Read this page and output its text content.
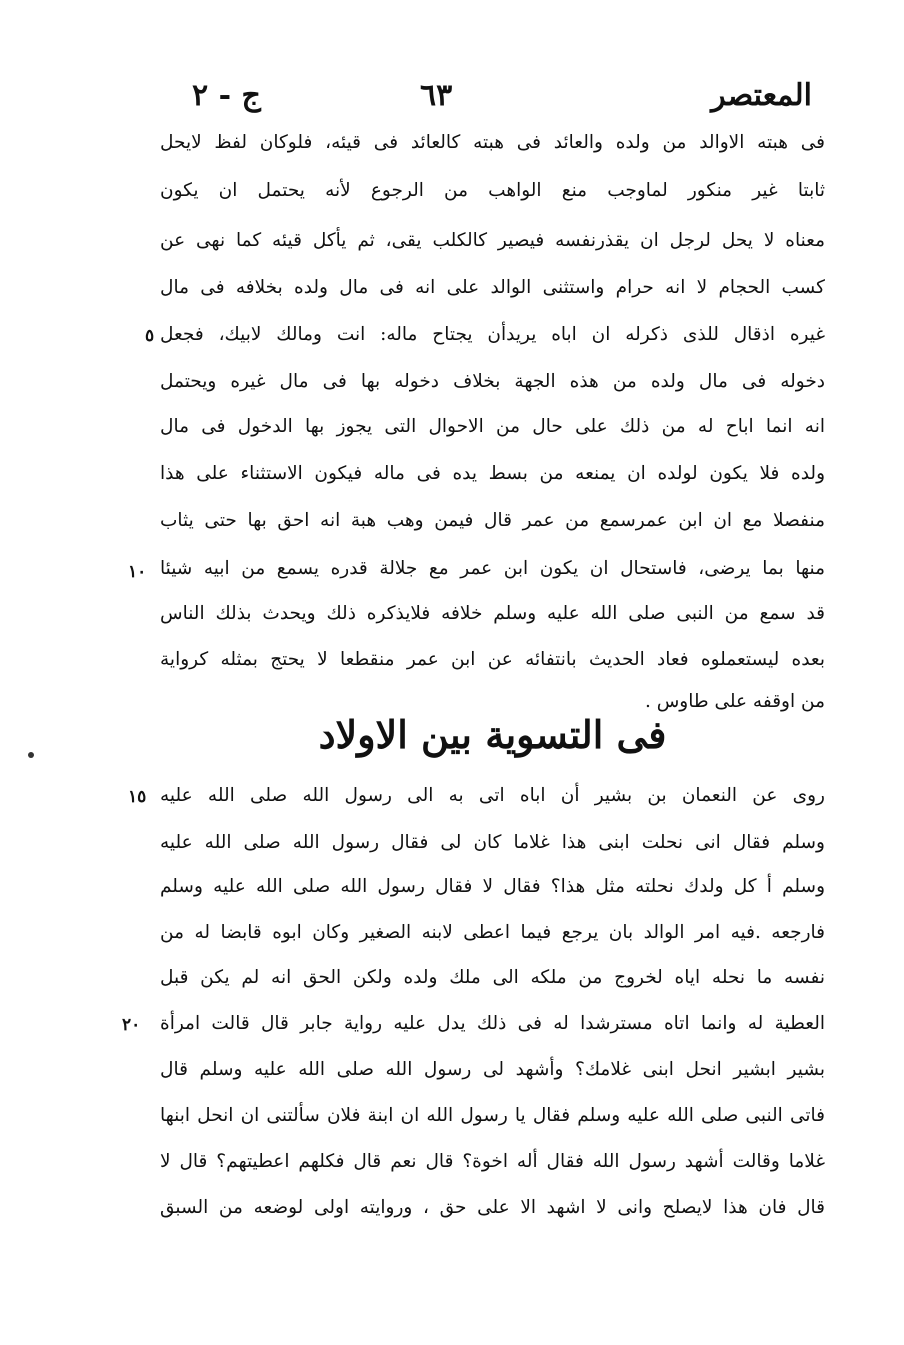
المعتصر
٦٣
ج - ٢
فى هبته الاوالد من ولده والعائد فى هبته كالعائد فى قيئه، فلوكان لفظ لايحل
ثابتا غير منكور لماوجب منع الواهب من الرجوع لأنه يحتمل ان يكون
معناه لا يحل لرجل ان يقذرنفسه فيصير كالكلب يقى، ثم يأكل قيئه كما نهى عن
كسب الحجام لا انه حرام واستثنى الوالد على انه فى مال ولده بخلافه فى مال
غيره اذقال للذى ذكرله ان اباه يريدأن يجتاح ماله: انت ومالك لابيك، فجعل
دخوله فى مال ولده من هذه الجهة بخلاف دخوله بها فى مال غيره ويحتمل
انه انما اباح له من ذلك على حال من الاحوال التى يجوز بها الدخول فى مال
ولده فلا يكون لولده ان يمنعه من بسط يده فى ماله فيكون الاستثناء على هذا
منفصلا مع ان ابن عمرسمع من عمر قال فيمن وهب هبة انه احق بها حتى يثاب
منها بما يرضى، فاستحال ان يكون ابن عمر مع جلالة قدره يسمع من ابيه شيئا
قد سمع من النبى صلى الله عليه وسلم خلافه فلايذكره ذلك ويحدث بذلك الناس
بعده ليستعملوه فعاد الحديث بانتفائه عن ابن عمر منقطعا لا يحتج بمثله كرواية
من اوقفه على طاوس .
فى التسوية بين الاولاد
روى عن النعمان بن بشير أن اباه اتى به الى رسول الله صلى الله عليه
وسلم فقال انى نحلت ابنى هذا غلاما كان لى فقال رسول الله صلى الله عليه
وسلم أ كل ولدك نحلته مثل هذا؟ فقال لا فقال رسول الله صلى الله عليه وسلم
فارجعه .فيه امر الوالد بان يرجع فيما اعطى لابنه الصغير وكان ابوه قابضا له من
نفسه ما نحله اياه لخروج من ملكه الى ملك ولده ولكن الحق انه لم يكن قبل
العطية له وانما اتاه مسترشدا له فى ذلك يدل عليه رواية جابر قال قالت امرأة
بشير ابشير انحل ابنى غلامك؟ وأشهد لى رسول الله صلى الله عليه وسلم قال
فاتى النبى صلى الله عليه وسلم فقال يا رسول الله ان ابنة فلان سألتنى ان انحل ابنها
غلاما وقالت أشهد رسول الله فقال أله اخوة؟ قال نعم قال فكلهم اعطيتهم؟ قال لا
قال فان هذا لايصلح وانى لا اشهد الا على حق ، وروايته اولى لوضعه من السبق
٥
١٠
١٥
٢٠
